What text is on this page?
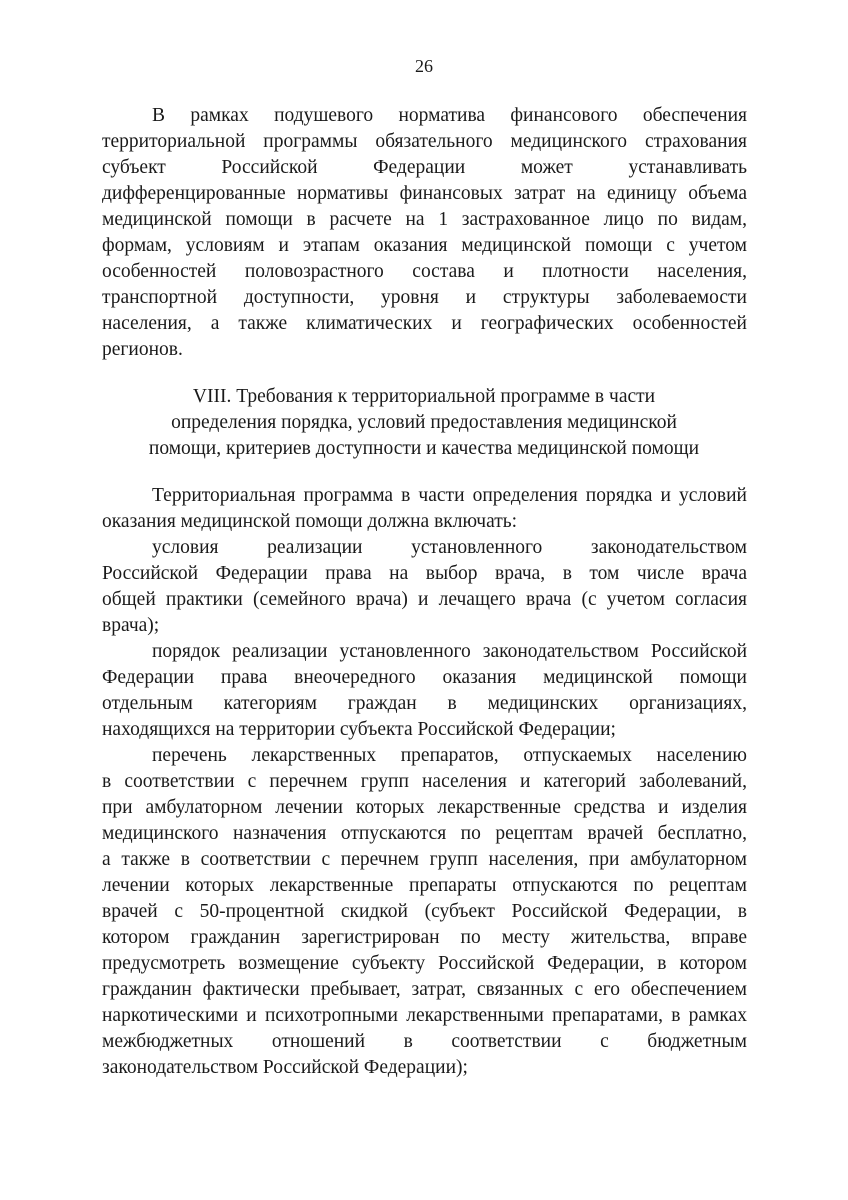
26
В рамках подушевого норматива финансового обеспечения
территориальной программы обязательного медицинского страхования
субъект Российской Федерации может устанавливать
дифференцированные нормативы финансовых затрат на единицу объема
медицинской помощи в расчете на 1 застрахованное лицо по видам,
формам, условиям и этапам оказания медицинской помощи с учетом
особенностей половозрастного состава и плотности населения,
транспортной доступности, уровня и структуры заболеваемости
населения, а также климатических и географических особенностей
регионов.
VIII. Требования к территориальной программе в части
определения порядка, условий предоставления медицинской
помощи, критериев доступности и качества медицинской помощи
Территориальная программа в части определения порядка и условий
оказания медицинской помощи должна включать:
условия реализации установленного законодательством
Российской Федерации права на выбор врача, в том числе врача
общей практики (семейного врача) и лечащего врача (с учетом согласия
врача);
порядок реализации установленного законодательством Российской
Федерации права внеочередного оказания медицинской помощи
отдельным категориям граждан в медицинских организациях,
находящихся на территории субъекта Российской Федерации;
перечень лекарственных препаратов, отпускаемых населению
в соответствии с перечнем групп населения и категорий заболеваний,
при амбулаторном лечении которых лекарственные средства и изделия
медицинского назначения отпускаются по рецептам врачей бесплатно,
а также в соответствии с перечнем групп населения, при амбулаторном
лечении которых лекарственные препараты отпускаются по рецептам
врачей с 50-процентной скидкой (субъект Российской Федерации, в
котором гражданин зарегистрирован по месту жительства, вправе
предусмотреть возмещение субъекту Российской Федерации, в котором
гражданин фактически пребывает, затрат, связанных с его обеспечением
наркотическими и психотропными лекарственными препаратами, в рамках
межбюджетных отношений в соответствии с бюджетным
законодательством Российской Федерации);
